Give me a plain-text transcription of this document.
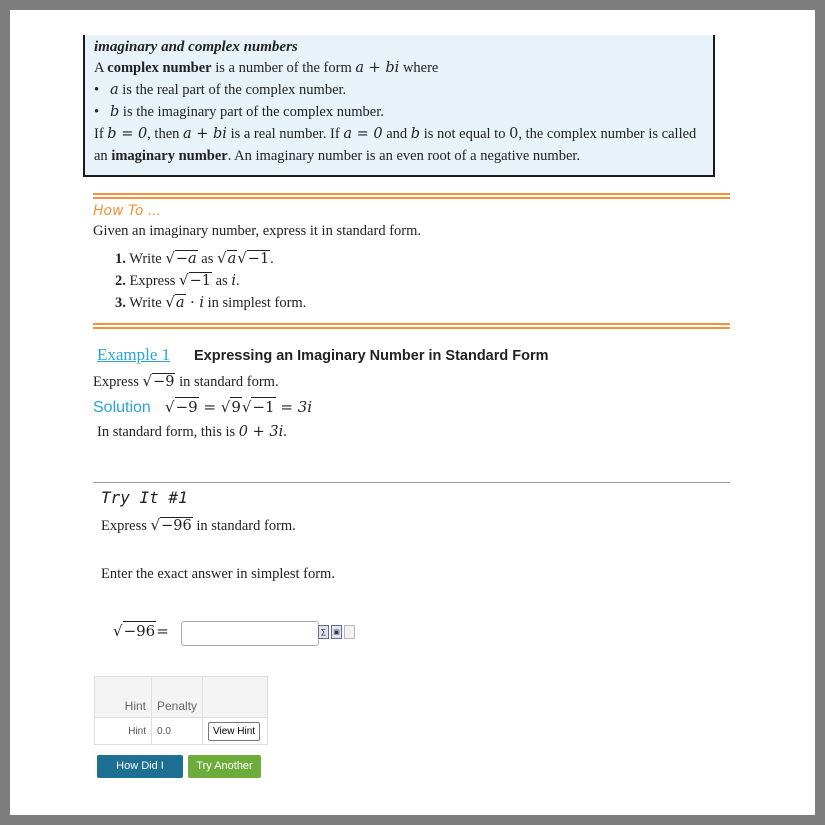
imaginary and complex numbers
A complex number is a number of the form a + bi where
• a is the real part of the complex number.
• b is the imaginary part of the complex number.
If b = 0, then a + bi is a real number. If a = 0 and b is not equal to 0, the complex number is called an imaginary number. An imaginary number is an even root of a negative number.
How To ...
Given an imaginary number, express it in standard form.
1. Write √−a as √a√−1.
2. Express √−1 as i.
3. Write √a · i in simplest form.
Example 1 Expressing an Imaginary Number in Standard Form
Express √−9 in standard form.
Solution √−9 = √9√−1 = 3i
In standard form, this is 0 + 3i.
Try It #1
Express √−96 in standard form.
Enter the exact answer in simplest form.
√−96 =	∑	▣
Hint	Penalty	
Hint	0.0	View Hint
How Did I Do?
Try Another
